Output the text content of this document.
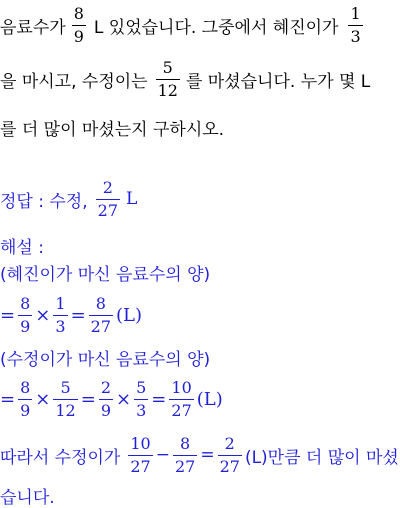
음료수가 $\frac{8}{9}$ L 있었습니다. 그중에서 혜진이가 $\frac{1}{3}$
을 마시고, 수정이는 $\frac{5}{12}$ 를 마셨습니다. 누가 몇 L
를 더 많이 마셨는지 구하시오.
정답 : 수정, $\frac{2}{27}$ L
해설 :
(혜진이가 마신 음료수의 양)
= $\frac{8}{9} \times \frac{1}{3} = \frac{8}{27} (L)$
(수정이가 마신 음료수의 양)
= $\frac{8}{9} \times \frac{5}{12} = \frac{2}{9} \times \frac{5}{3} = \frac{10}{27} (L)$
따라서 수정이가 $\frac{10}{27} - \frac{8}{27} = \frac{2}{27} (L)$만큼 더 많이 마셨
습니다.
